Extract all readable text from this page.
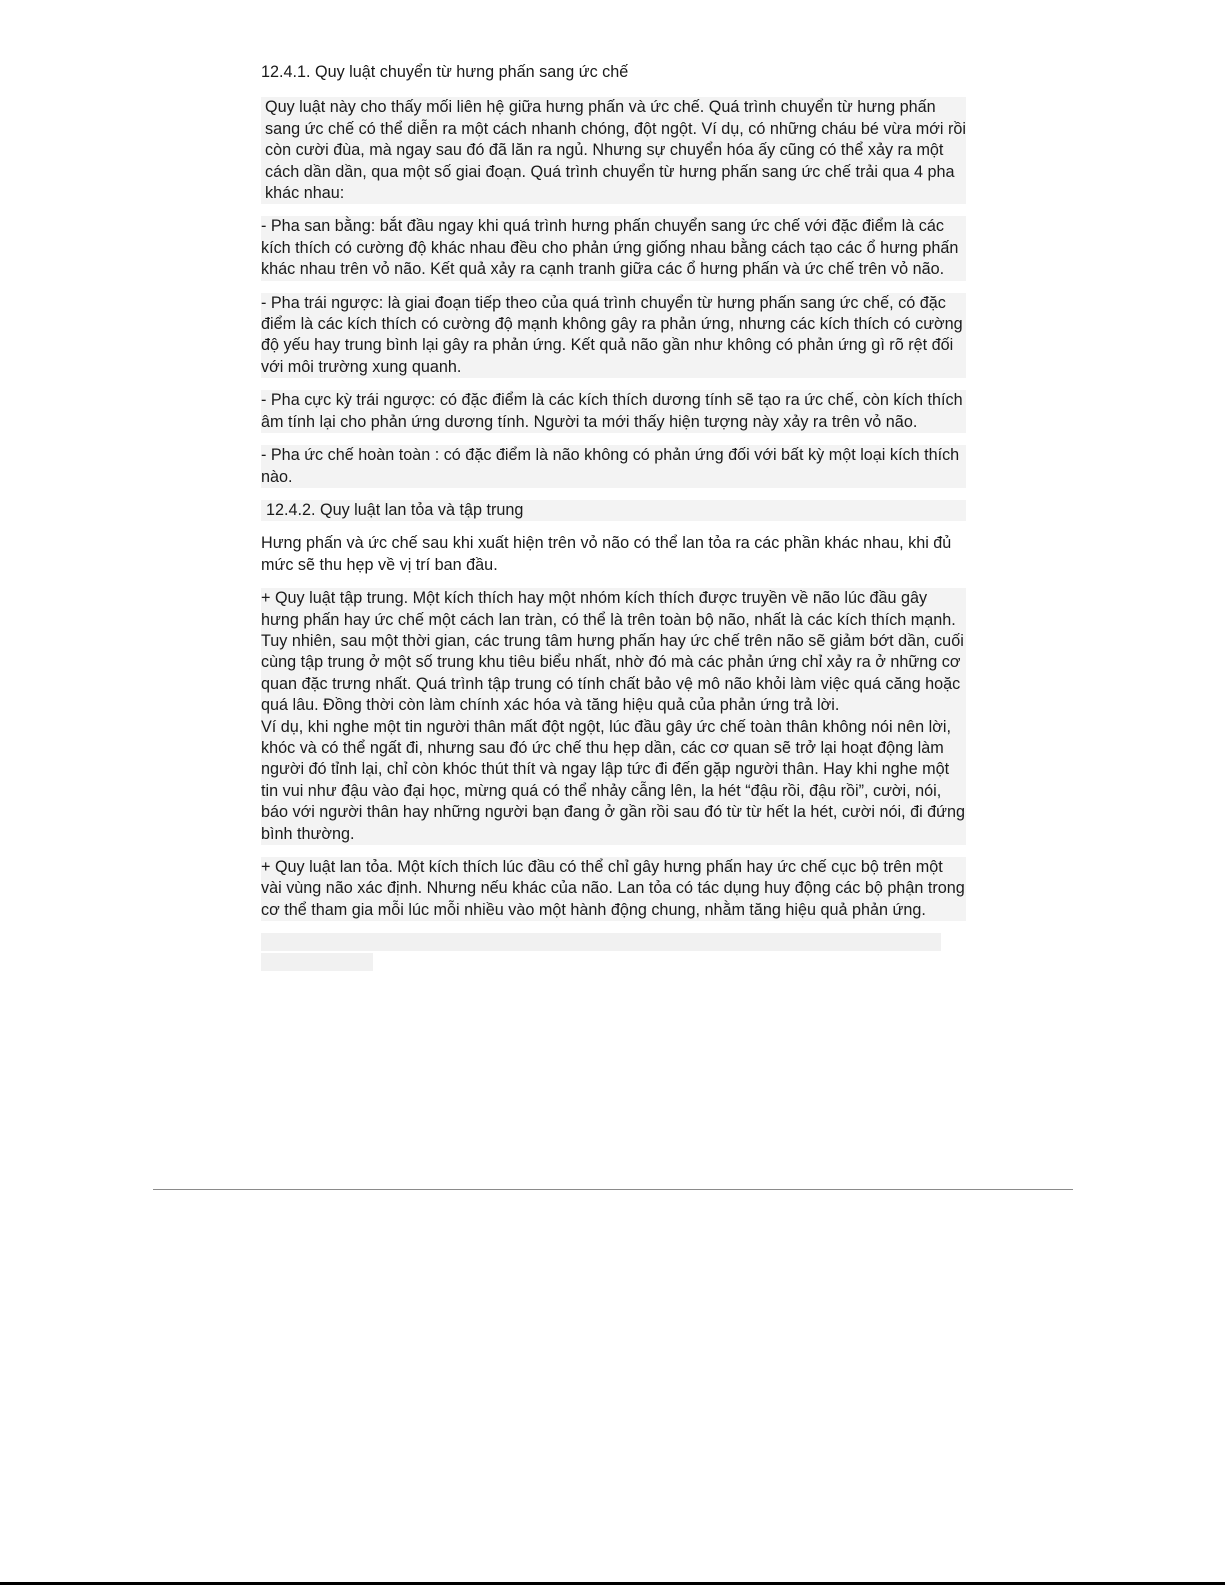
12.4.1. Quy luật chuyển từ hưng phấn sang ức chế
Quy luật này cho thấy mối liên hệ giữa hưng phấn và ức chế. Quá trình chuyển từ hưng phấn sang ức chế có thể diễn ra một cách nhanh chóng, đột ngột. Ví dụ, có những cháu bé vừa mới rồi còn cười đùa, mà ngay sau đó đã lăn ra ngủ. Nhưng sự chuyển hóa ấy cũng có thể xảy ra một cách dần dần, qua một số giai đoạn. Quá trình chuyển từ hưng phấn sang ức chế trải qua 4 pha khác nhau:
- Pha san bằng: bắt đầu ngay khi quá trình hưng phấn chuyển sang ức chế với đặc điểm là các kích thích có cường độ khác nhau đều cho phản ứng giống nhau bằng cách tạo các ổ hưng phấn khác nhau trên vỏ não. Kết quả xảy ra cạnh tranh giữa các ổ hưng phấn và ức chế trên vỏ não.
- Pha trái ngược: là giai đoạn tiếp theo của quá trình chuyển từ hưng phấn sang ức chế, có đặc điểm là các kích thích có cường độ mạnh không gây ra phản ứng, nhưng các kích thích có cường độ yếu hay trung bình lại gây ra phản ứng. Kết quả não gần như không có phản ứng gì rõ rệt đối với môi trường xung quanh.
- Pha cực kỳ trái ngược: có đặc điểm là các kích thích dương tính sẽ tạo ra ức chế, còn kích thích âm tính lại cho phản ứng dương tính. Người ta mới thấy hiện tượng này xảy ra trên vỏ não.
- Pha ức chế hoàn toàn : có đặc điểm là não không có phản ứng đối với bất kỳ một loại kích thích nào.
12.4.2. Quy luật lan tỏa và tập trung
Hưng phấn và ức chế sau khi xuất hiện trên vỏ não có thể lan tỏa ra các phần khác nhau, khi đủ mức sẽ thu hẹp về vị trí ban đầu.
+ Quy luật tập trung. Một kích thích hay một nhóm kích thích được truyền về não lúc đầu gây hưng phấn hay ức chế một cách lan tràn, có thể là trên toàn bộ não, nhất là các kích thích mạnh. Tuy nhiên, sau một thời gian, các trung tâm hưng phấn hay ức chế trên não sẽ giảm bớt dần, cuối cùng tập trung ở một số trung khu tiêu biểu nhất, nhờ đó mà các phản ứng chỉ xảy ra ở những cơ quan đặc trưng nhất. Quá trình tập trung có tính chất bảo vệ mô não khỏi làm việc quá căng hoặc quá lâu. Đồng thời còn làm chính xác hóa và tăng hiệu quả của phản ứng trả lời.
Ví dụ, khi nghe một tin người thân mất đột ngột, lúc đầu gây ức chế toàn thân không nói nên lời, khóc và có thể ngất đi, nhưng sau đó ức chế thu hẹp dần, các cơ quan sẽ trở lại hoạt động làm người đó tỉnh lại, chỉ còn khóc thút thít và ngay lập tức đi đến gặp người thân. Hay khi nghe một tin vui như đậu vào đại học, mừng quá có thể nhảy cẫng lên, la hét “đậu rồi, đậu rồi”, cười, nói, báo với người thân hay những người bạn đang ở gần rồi sau đó từ từ hết la hét, cười nói, đi đứng bình thường.
+ Quy luật lan tỏa. Một kích thích lúc đầu có thể chỉ gây hưng phấn hay ức chế cục bộ trên một vài vùng não xác định. Nhưng nếu khác của não. Lan tỏa có tác dụng huy động các bộ phận trong cơ thể tham gia mỗi lúc mỗi nhiều vào một hành động chung, nhằm tăng hiệu quả phản ứng.
